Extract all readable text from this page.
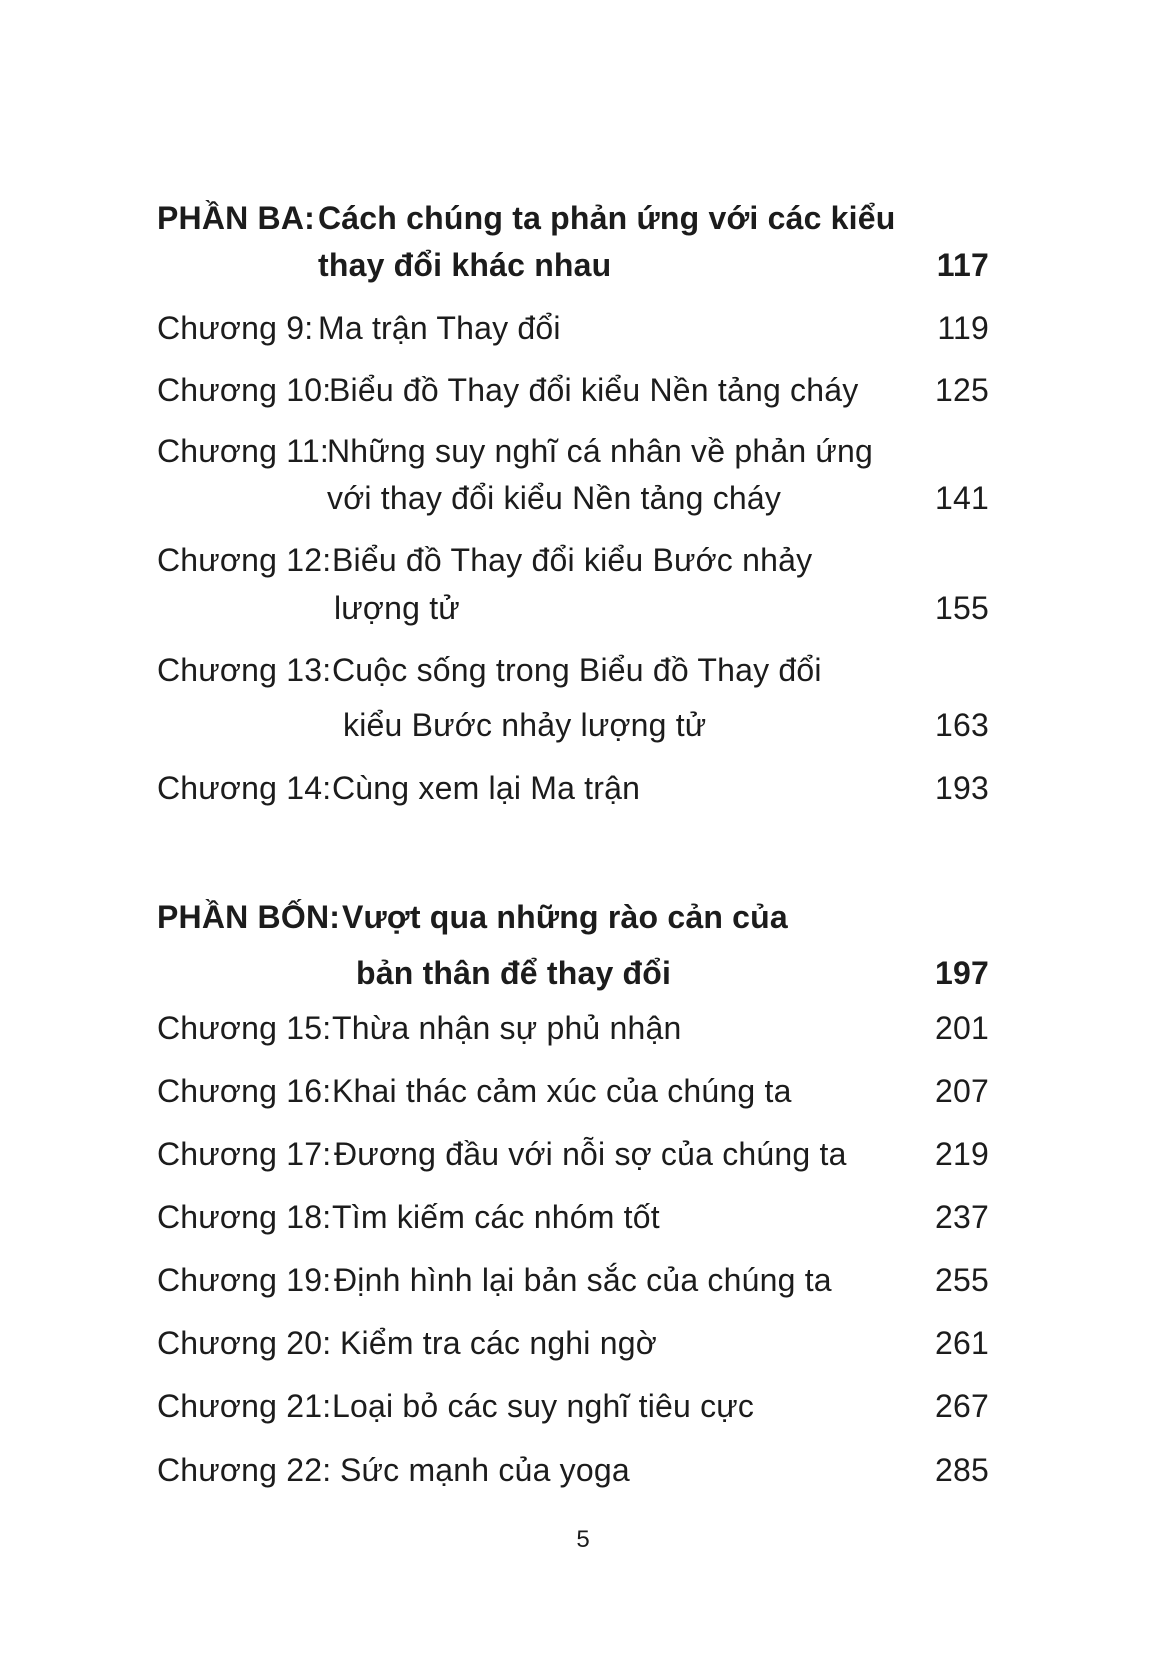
PHẦN BA: Cách chúng ta phản ứng với các kiểu
thay đổi khác nhau	117
Chương 9: Ma trận Thay đổi	119
Chương 10:
Biểu đồ Thay đổi kiểu Nền tảng cháy 125
Chương 11:
Những suy nghĩ cá nhân về phản ứng
với thay đổi kiểu Nền tảng cháy	141
Chương 12: Biểu đồ Thay đổi kiểu Bước nhảy
lượng tử	155
Chương 13: Cuộc sống trong Biểu đồ Thay đổi
kiểu Bước nhảy lượng tử	163
Chương 14: Cùng xem lại Ma trận	193
PHẦN BỐN: Vượt qua những rào cản của
bản thân để thay đổi	197
Chương 15: Thừa nhận sự phủ nhận	201
Chương 16: Khai thác cảm xúc của chúng ta	207
Chương 17: Đương đầu với nỗi sợ của chúng ta	219
Chương 18: Tìm kiếm các nhóm tốt	237
Chương 19: Định hình lại bản sắc của chúng ta	255
Chương 20: Kiểm tra các nghi ngờ	261
Chương 21: Loại bỏ các suy nghĩ tiêu cực	267
Chương 22: Sức mạnh của yoga	285
5
